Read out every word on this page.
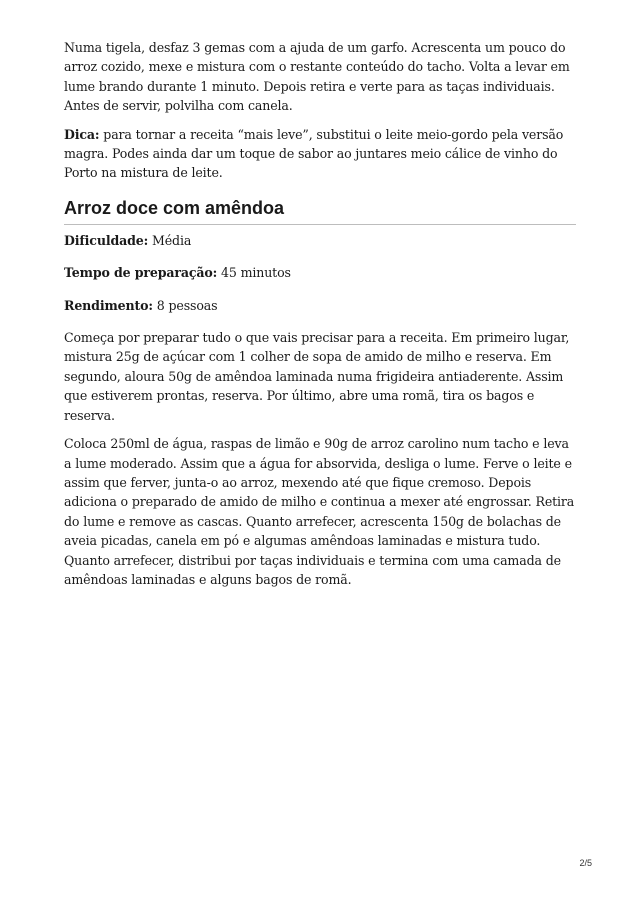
Numa tigela, desfaz 3 gemas com a ajuda de um garfo. Acrescenta um pouco do arroz cozido, mexe e mistura com o restante conteúdo do tacho. Volta a levar em lume brando durante 1 minuto. Depois retira e verte para as taças individuais. Antes de servir, polvilha com canela.

Dica: para tornar a receita “mais leve”, substitui o leite meio-gordo pela versão magra. Podes ainda dar um toque de sabor ao juntares meio cálice de vinho do Porto na mistura de leite.

Arroz doce com amêndoa

Dificuldade: Média

Tempo de preparação: 45 minutos

Rendimento: 8 pessoas

Começa por preparar tudo o que vais precisar para a receita. Em primeiro lugar, mistura 25g de açúcar com 1 colher de sopa de amido de milho e reserva. Em segundo, aloura 50g de amêndoa laminada numa frigideira antiaderente. Assim que estiverem prontas, reserva. Por último, abre uma romã, tira os bagos e reserva.

Coloca 250ml de água, raspas de limão e 90g de arroz carolino num tacho e leva a lume moderado. Assim que a água for absorvida, desliga o lume. Ferve o leite e assim que ferver, junta-o ao arroz, mexendo até que fique cremoso. Depois adiciona o preparado de amido de milho e continua a mexer até engrossar. Retira do lume e remove as cascas. Quanto arrefecer, acrescenta 150g de bolachas de aveia picadas, canela em pó e algumas amêndoas laminadas e mistura tudo. Quanto arrefecer, distribui por taças individuais e termina com uma camada de amêndoas laminadas e alguns bagos de romã.

2/5
